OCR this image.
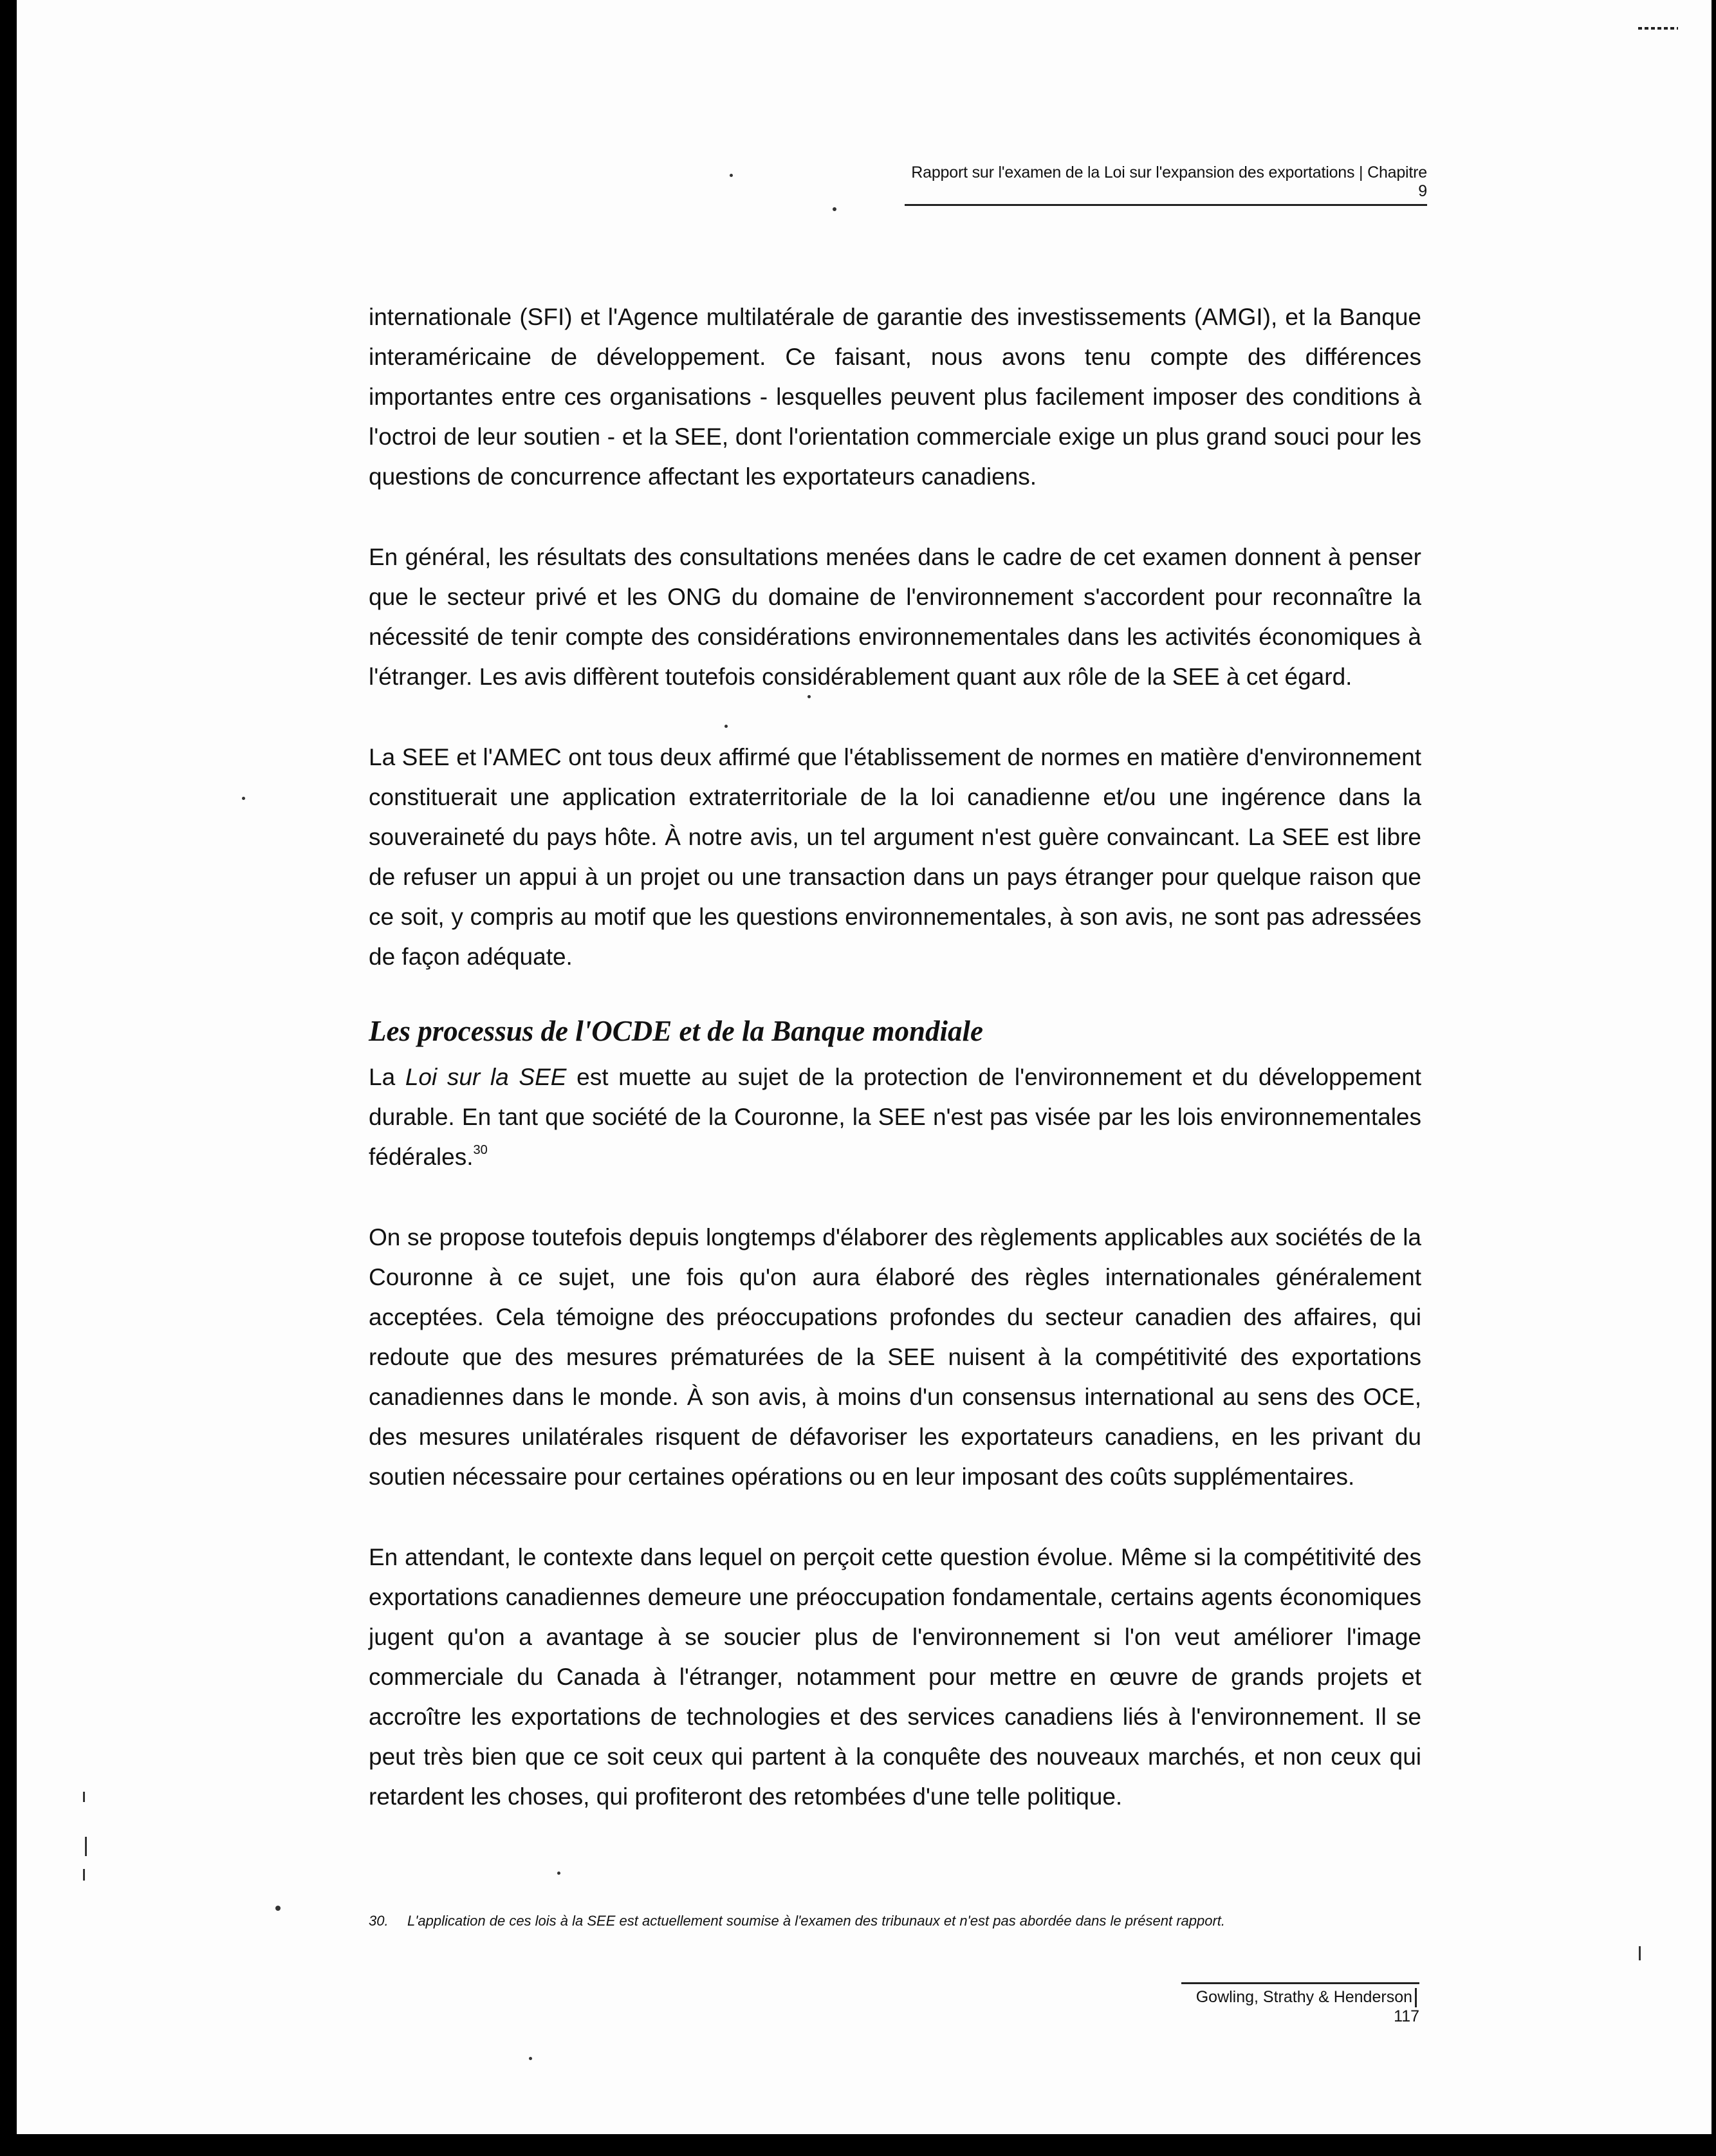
Rapport sur l'examen de la Loi sur l'expansion des exportations | Chapitre 9

internationale (SFI) et l'Agence multilatérale de garantie des investissements (AMGI), et la Banque interaméricaine de développement. Ce faisant, nous avons tenu compte des différences importantes entre ces organisations - lesquelles peuvent plus facilement imposer des conditions à l'octroi de leur soutien - et la SEE, dont l'orientation commerciale exige un plus grand souci pour les questions de concurrence affectant les exportateurs canadiens.

En général, les résultats des consultations menées dans le cadre de cet examen donnent à penser que le secteur privé et les ONG du domaine de l'environnement s'accordent pour reconnaître la nécessité de tenir compte des considérations environnementales dans les activités économiques à l'étranger. Les avis diffèrent toutefois considérablement quant aux rôle de la SEE à cet égard.

La SEE et l'AMEC ont tous deux affirmé que l'établissement de normes en matière d'environnement constituerait une application extraterritoriale de la loi canadienne et/ou une ingérence dans la souveraineté du pays hôte. À notre avis, un tel argument n'est guère convaincant. La SEE est libre de refuser un appui à un projet ou une transaction dans un pays étranger pour quelque raison que ce soit, y compris au motif que les questions environnementales, à son avis, ne sont pas adressées de façon adéquate.

Les processus de l'OCDE et de la Banque mondiale

La Loi sur la SEE est muette au sujet de la protection de l'environnement et du développement durable. En tant que société de la Couronne, la SEE n'est pas visée par les lois environnementales fédérales.$^{30}$

On se propose toutefois depuis longtemps d'élaborer des règlements applicables aux sociétés de la Couronne à ce sujet, une fois qu'on aura élaboré des règles internationales généralement acceptées. Cela témoigne des préoccupations profondes du secteur canadien des affaires, qui redoute que des mesures prématurées de la SEE nuisent à la compétitivité des exportations canadiennes dans le monde. À son avis, à moins d'un consensus international au sens des OCE, des mesures unilatérales risquent de défavoriser les exportateurs canadiens, en les privant du soutien nécessaire pour certaines opérations ou en leur imposant des coûts supplémentaires.

En attendant, le contexte dans lequel on perçoit cette question évolue. Même si la compétitivité des exportations canadiennes demeure une préoccupation fondamentale, certains agents économiques jugent qu'on a avantage à se soucier plus de l'environnement si l'on veut améliorer l'image commerciale du Canada à l'étranger, notamment pour mettre en œuvre de grands projets et accroître les exportations de technologies et des services canadiens liés à l'environnement. Il se peut très bien que ce soit ceux qui partent à la conquête des nouveaux marchés, et non ceux qui retardent les choses, qui profiteront des retombées d'une telle politique.

30. L'application de ces lois à la SEE est actuellement soumise à l'examen des tribunaux et n'est pas abordée dans le présent rapport.
Gowling, Strathy & Henderson117
